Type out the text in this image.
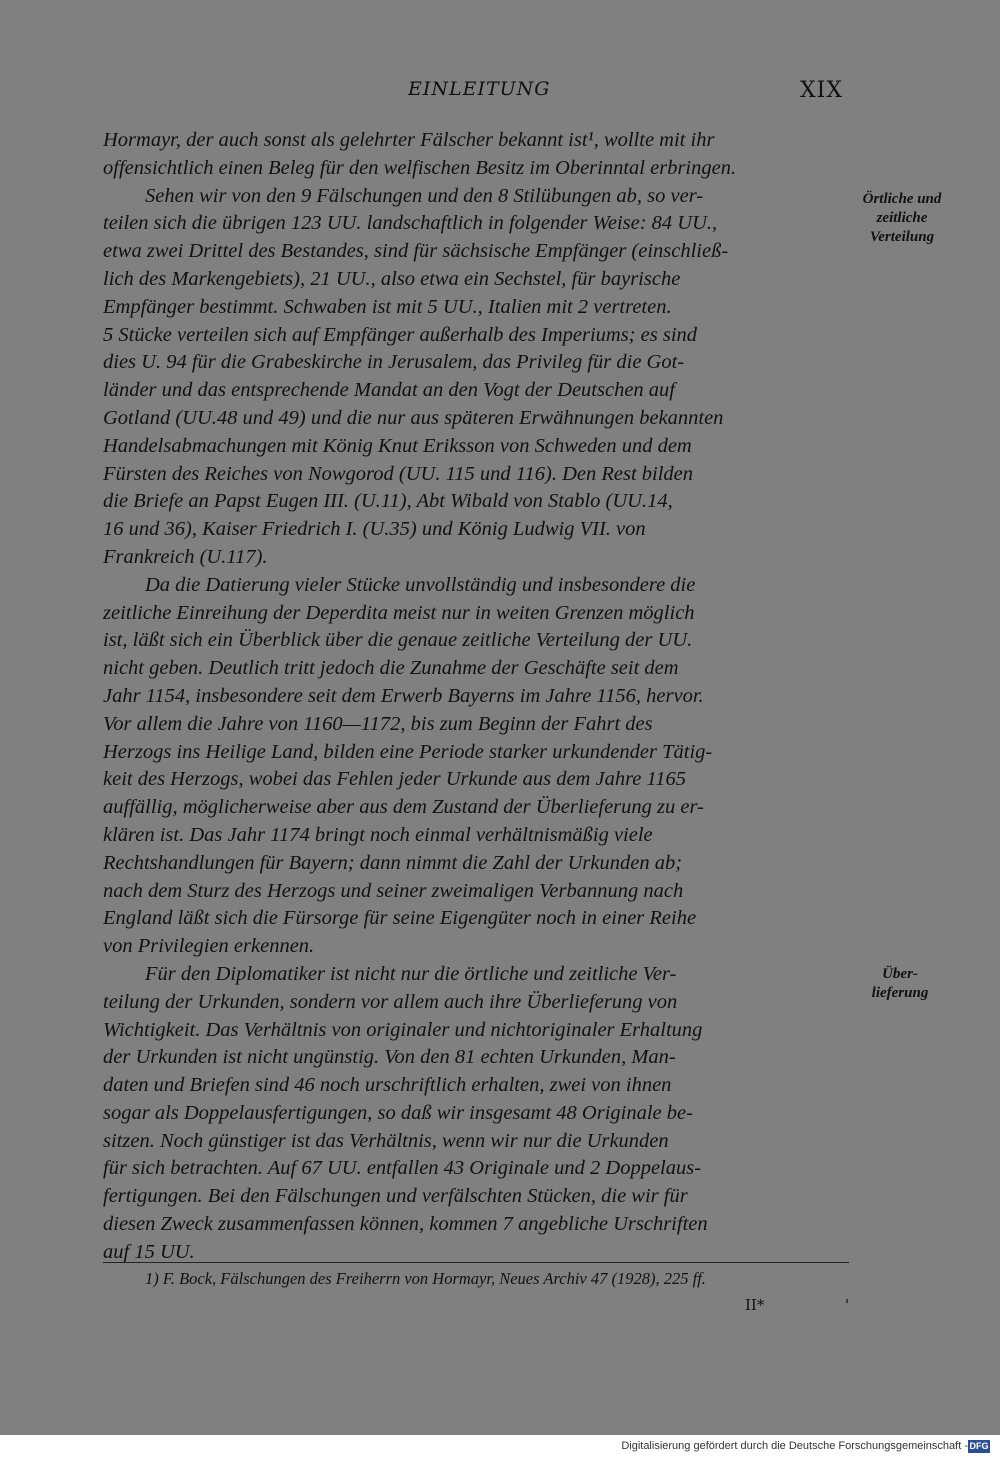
EINLEITUNG	XIX
Hormayr, der auch sonst als gelehrter Fälscher bekannt ist¹, wollte mit ihr
offensichtlich einen Beleg für den welfischen Besitz im Oberinntal erbringen.
Sehen wir von den 9 Fälschungen und den 8 Stilübungen ab, so ver-
teilen sich die übrigen 123 UU. landschaftlich in folgender Weise: 84 UU.,
etwa zwei Drittel des Bestandes, sind für sächsische Empfänger (einschließ-
lich des Markengebiets), 21 UU., also etwa ein Sechstel, für bayrische
Empfänger bestimmt. Schwaben ist mit 5 UU., Italien mit 2 vertreten.
5 Stücke verteilen sich auf Empfänger außerhalb des Imperiums; es sind
dies U. 94 für die Grabeskirche in Jerusalem, das Privileg für die Got-
länder und das entsprechende Mandat an den Vogt der Deutschen auf
Gotland (UU.48 und 49) und die nur aus späteren Erwähnungen bekannten
Handelsabmachungen mit König Knut Eriksson von Schweden und dem
Fürsten des Reiches von Nowgorod (UU. 115 und 116). Den Rest bilden
die Briefe an Papst Eugen III. (U.11), Abt Wibald von Stablo (UU.14,
16 und 36), Kaiser Friedrich I. (U.35) und König Ludwig VII. von
Frankreich (U.117).
Da die Datierung vieler Stücke unvollständig und insbesondere die
zeitliche Einreihung der Deperdita meist nur in weiten Grenzen möglich
ist, läßt sich ein Überblick über die genaue zeitliche Verteilung der UU.
nicht geben. Deutlich tritt jedoch die Zunahme der Geschäfte seit dem
Jahr 1154, insbesondere seit dem Erwerb Bayerns im Jahre 1156, hervor.
Vor allem die Jahre von 1160—1172, bis zum Beginn der Fahrt des
Herzogs ins Heilige Land, bilden eine Periode starker urkundender Tätig-
keit des Herzogs, wobei das Fehlen jeder Urkunde aus dem Jahre 1165
auffällig, möglicherweise aber aus dem Zustand der Überlieferung zu er-
klären ist. Das Jahr 1174 bringt noch einmal verhältnismäßig viele
Rechtshandlungen für Bayern; dann nimmt die Zahl der Urkunden ab;
nach dem Sturz des Herzogs und seiner zweimaligen Verbannung nach
England läßt sich die Fürsorge für seine Eigengüter noch in einer Reihe
von Privilegien erkennen.
Für den Diplomatiker ist nicht nur die örtliche und zeitliche Ver-
teilung der Urkunden, sondern vor allem auch ihre Überlieferung von
Wichtigkeit. Das Verhältnis von originaler und nichtoriginaler Erhaltung
der Urkunden ist nicht ungünstig. Von den 81 echten Urkunden, Man-
daten und Briefen sind 46 noch urschriftlich erhalten, zwei von ihnen
sogar als Doppelausfertigungen, so daß wir insgesamt 48 Originale be-
sitzen. Noch günstiger ist das Verhältnis, wenn wir nur die Urkunden
für sich betrachten. Auf 67 UU. entfallen 43 Originale und 2 Doppelaus-
fertigungen. Bei den Fälschungen und verfälschten Stücken, die wir für
diesen Zweck zusammenfassen können, kommen 7 angebliche Urschriften
auf 15 UU.
Örtliche und
zeitliche
Verteilung
Über-
lieferung
1) F. Bock, Fälschungen des Freiherrn von Hormayr, Neues Archiv 47 (1928), 225 ff.
II*	'
Digitalisierung gefördert durch die Deutsche Forschungsgemeinschaft - DFG
